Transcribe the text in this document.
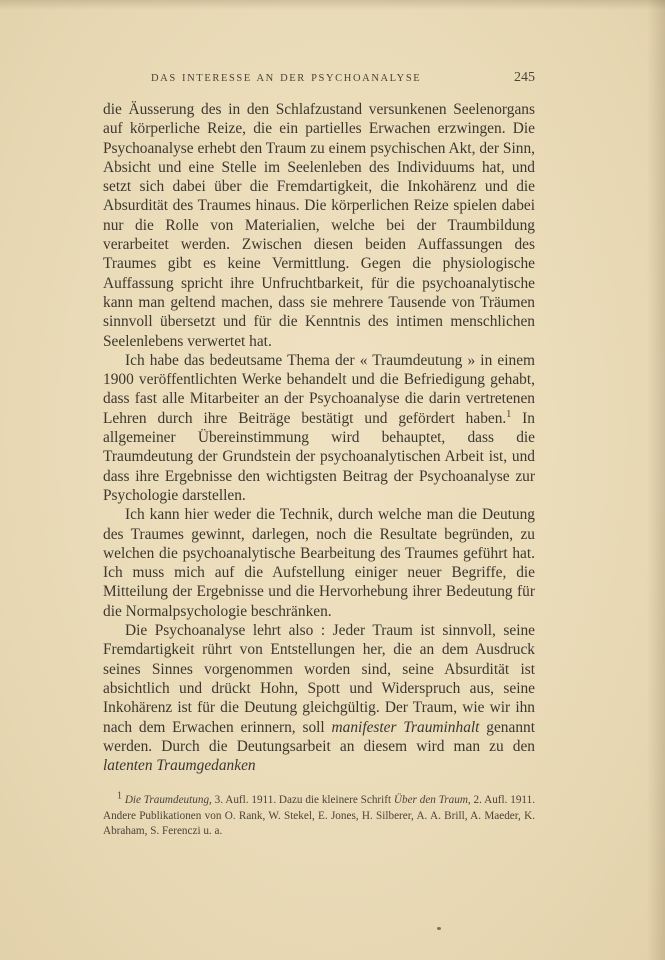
DAS INTERESSE AN DER PSYCHOANALYSE	245

die Äusserung des in den Schlafzustand versunkenen Seelenorgans auf körperliche Reize, die ein partielles Erwachen erzwingen. Die Psychoanalyse erhebt den Traum zu einem psychischen Akt, der Sinn, Absicht und eine Stelle im Seelenleben des Individuums hat, und setzt sich dabei über die Fremdartigkeit, die Inkohärenz und die Absurdität des Traumes hinaus. Die körperlichen Reize spielen dabei nur die Rolle von Materialien, welche bei der Traumbildung verarbeitet werden. Zwischen diesen beiden Auffassungen des Traumes gibt es keine Vermittlung. Gegen die physiologische Auffassung spricht ihre Unfruchtbarkeit, für die psychoanalytische kann man geltend machen, dass sie mehrere Tausende von Träumen sinnvoll übersetzt und für die Kenntnis des intimen menschlichen Seelenlebens verwertet hat.

Ich habe das bedeutsame Thema der « Traumdeutung » in einem 1900 veröffentlichten Werke behandelt und die Befriedigung gehabt, dass fast alle Mitarbeiter an der Psychoanalyse die darin vertretenen Lehren durch ihre Beiträge bestätigt und gefördert haben.$^1$ In allgemeiner Übereinstimmung wird behauptet, dass die Traumdeutung der Grundstein der psychoanalytischen Arbeit ist, und dass ihre Ergebnisse den wichtigsten Beitrag der Psychoanalyse zur Psychologie darstellen.

Ich kann hier weder die Technik, durch welche man die Deutung des Traumes gewinnt, darlegen, noch die Resultate begründen, zu welchen die psychoanalytische Bearbeitung des Traumes geführt hat. Ich muss mich auf die Aufstellung einiger neuer Begriffe, die Mitteilung der Ergebnisse und die Hervorhebung ihrer Bedeutung für die Normalpsychologie beschränken.

Die Psychoanalyse lehrt also : Jeder Traum ist sinnvoll, seine Fremdartigkeit rührt von Entstellungen her, die an dem Ausdruck seines Sinnes vorgenommen worden sind, seine Absurdität ist absichtlich und drückt Hohn, Spott und Widerspruch aus, seine Inkohärenz ist für die Deutung gleichgültig. Der Traum, wie wir ihn nach dem Erwachen erinnern, soll manifester Trauminhalt genannt werden. Durch die Deutungsarbeit an diesem wird man zu den latenten Traumgedanken

1 Die Traumdeutung, 3. Aufl. 1911. Dazu die kleinere Schrift Über den Traum, 2. Aufl. 1911. Andere Publikationen von O. Rank, W. Stekel, E. Jones, H. Silberer, A. A. Brill, A. Maeder, K. Abraham, S. Ferenczi u. a.
